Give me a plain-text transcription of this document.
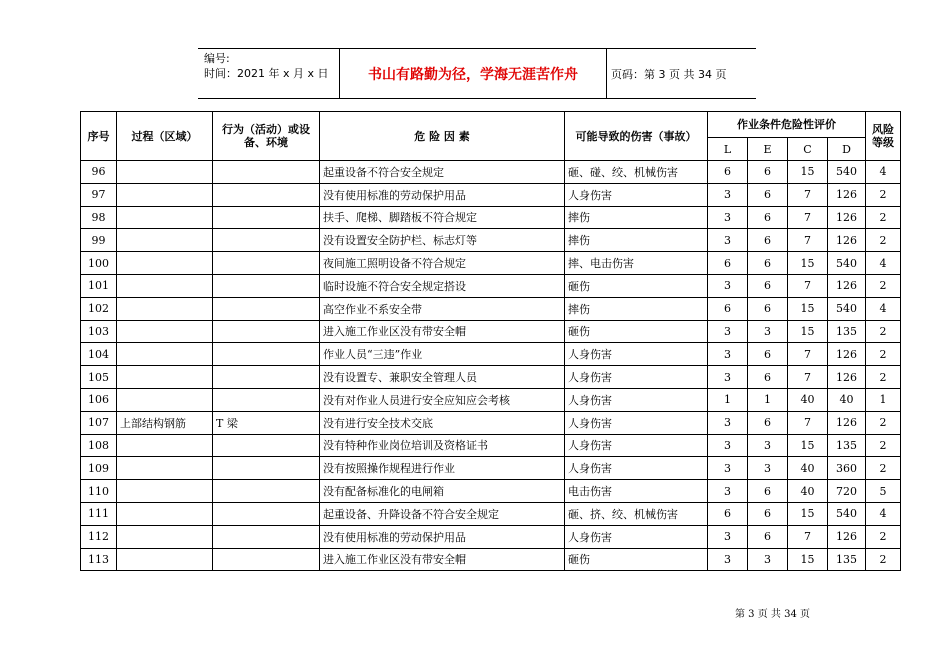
编号:
时间：2021 年 x 月 x 日	书山有路勤为径，学海无涯苦作舟	页码：第 3 页 共 34 页
序号	过程（区域）	行为（活动）或设备、环境	危 险 因 素	可能导致的伤害（事故）	作业条件危险性评价				风险等级
					L	E	C	D	
96			起重设备不符合安全规定	砸、碰、绞、机械伤害	6	6	15	540	4
97			没有使用标准的劳动保护用品	人身伤害	3	6	7	126	2
98			扶手、爬梯、脚踏板不符合规定	摔伤	3	6	7	126	2
99			没有设置安全防护栏、标志灯等	摔伤	3	6	7	126	2
100			夜间施工照明设备不符合规定	摔、电击伤害	6	6	15	540	4
101			临时设施不符合安全规定搭设	砸伤	3	6	7	126	2
102			高空作业不系安全带	摔伤	6	6	15	540	4
103			进入施工作业区没有带安全帽	砸伤	3	3	15	135	2
104			作业人员“三违”作业	人身伤害	3	6	7	126	2
105			没有设置专、兼职安全管理人员	人身伤害	3	6	7	126	2
106			没有对作业人员进行安全应知应会考核	人身伤害	1	1	40	40	1
107	上部结构钢筋	T 梁	没有进行安全技术交底	人身伤害	3	6	7	126	2
108			没有特种作业岗位培训及资格证书	人身伤害	3	3	15	135	2
109			没有按照操作规程进行作业	人身伤害	3	3	40	360	2
110			没有配备标准化的电闸箱	电击伤害	3	6	40	720	5
111			起重设备、升降设备不符合安全规定	砸、挤、绞、机械伤害	6	6	15	540	4
112			没有使用标准的劳动保护用品	人身伤害	3	6	7	126	2
113			进入施工作业区没有带安全帽	砸伤	3	3	15	135	2
第 3 页 共 34 页
